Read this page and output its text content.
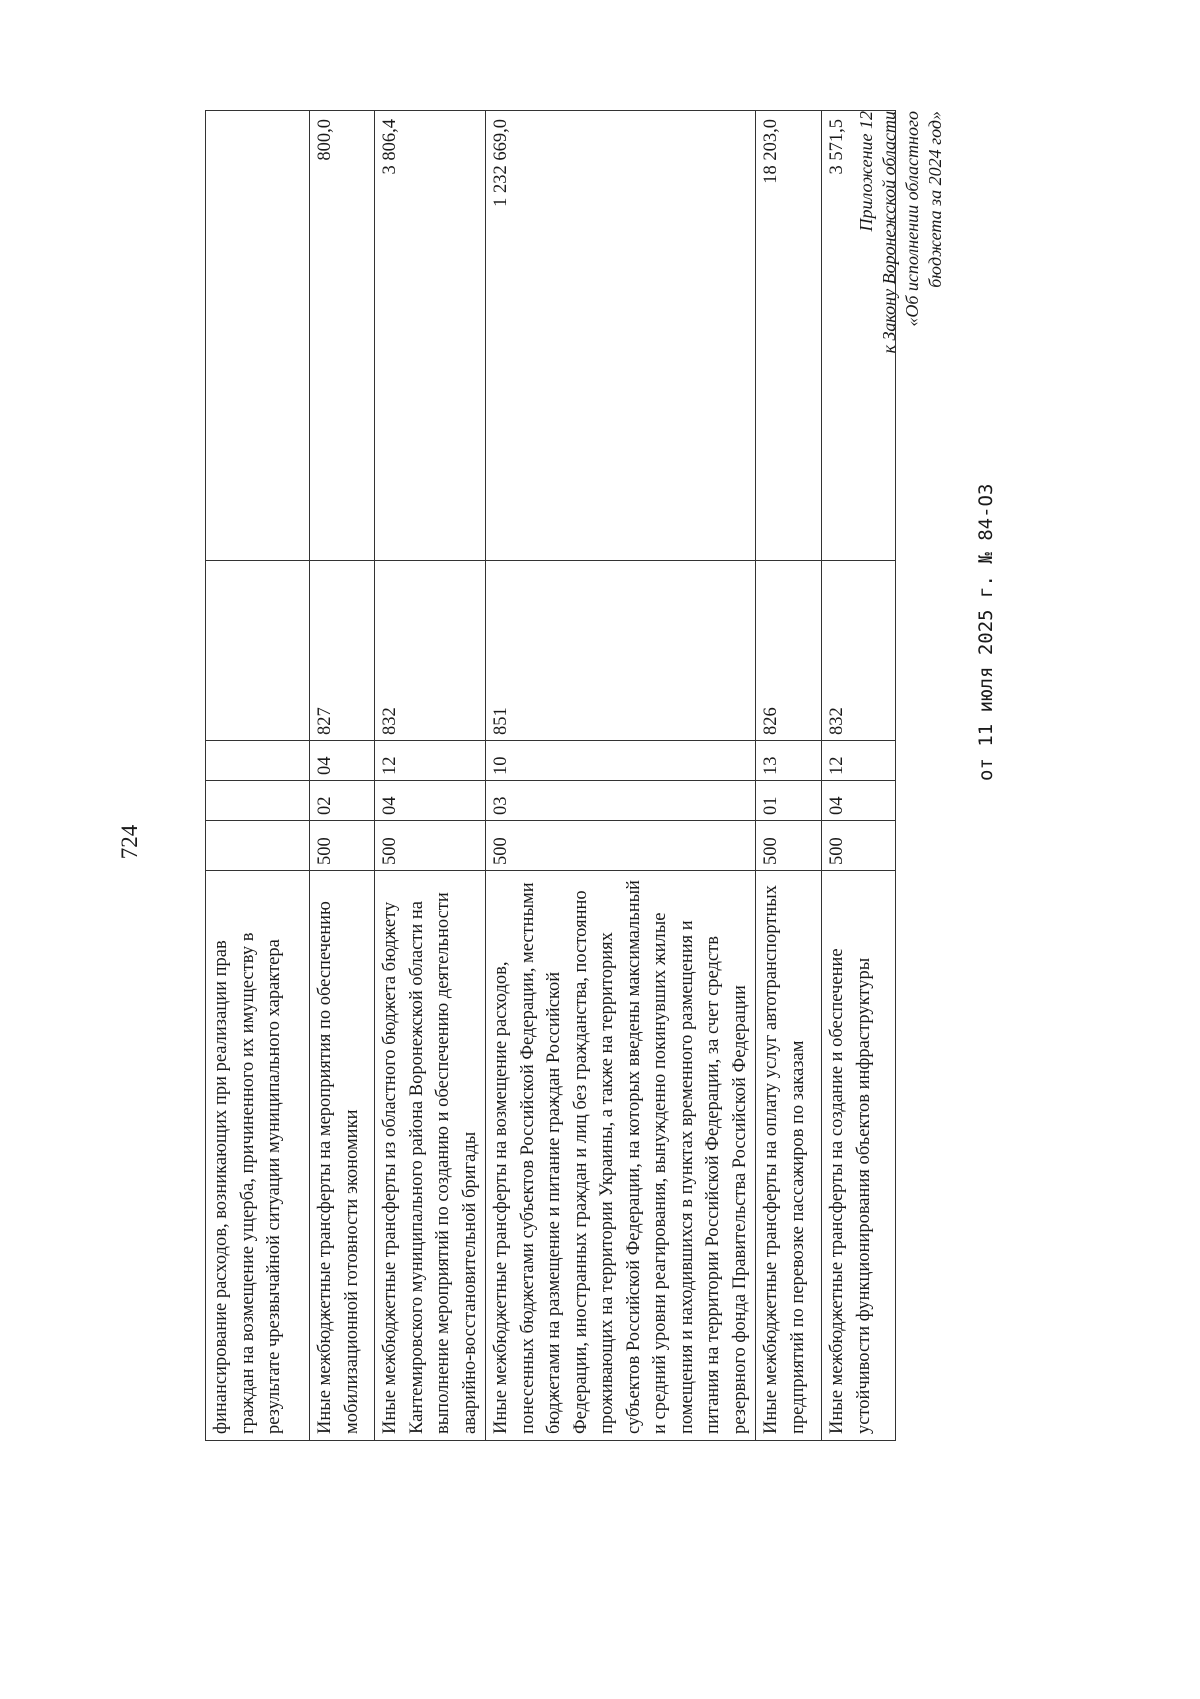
724
финансирование расходов, возникающих при реализации прав граждан на возмещение ущерба, причиненного их имуществу в результате чрезвычайной ситуации муниципального характера					
Иные межбюджетные трансферты на мероприятия по обеспечению мобилизационной готовности экономики	500	02	04	827	800,0
Иные межбюджетные трансферты из областного бюджета бюджету Кантемировского муниципального района Воронежской области на выполнение мероприятий по созданию и обеспечению деятельности аварийно-восстановительной бригады	500	04	12	832	3 806,4
Иные межбюджетные трансферты на возмещение расходов, понесенных бюджетами субъектов Российской Федерации, местными бюджетами на размещение и питание граждан Российской Федерации, иностранных граждан и лиц без гражданства, постоянно проживающих на территории Украины, а также на территориях субъектов Российской Федерации, на которых введены максимальный и средний уровни реагирования, вынужденно покинувших жилые помещения и находившихся в пунктах временного размещения и питания на территории Российской Федерации, за счет средств резервного фонда Правительства Российской Федерации	500	03	10	851	1 232 669,0
Иные межбюджетные трансферты на оплату услуг автотранспортных предприятий по перевозке пассажиров по заказам	500	01	13	826	18 203,0
Иные межбюджетные трансферты на создание и обеспечение устойчивости функционирования объектов инфраструктуры	500	04	12	832	3 571,5 Приложение 12 к Закону Воронежской области «Об исполнении областного бюджета за 2024 год»
от 11 июля 2025 г. № 84-ОЗ
